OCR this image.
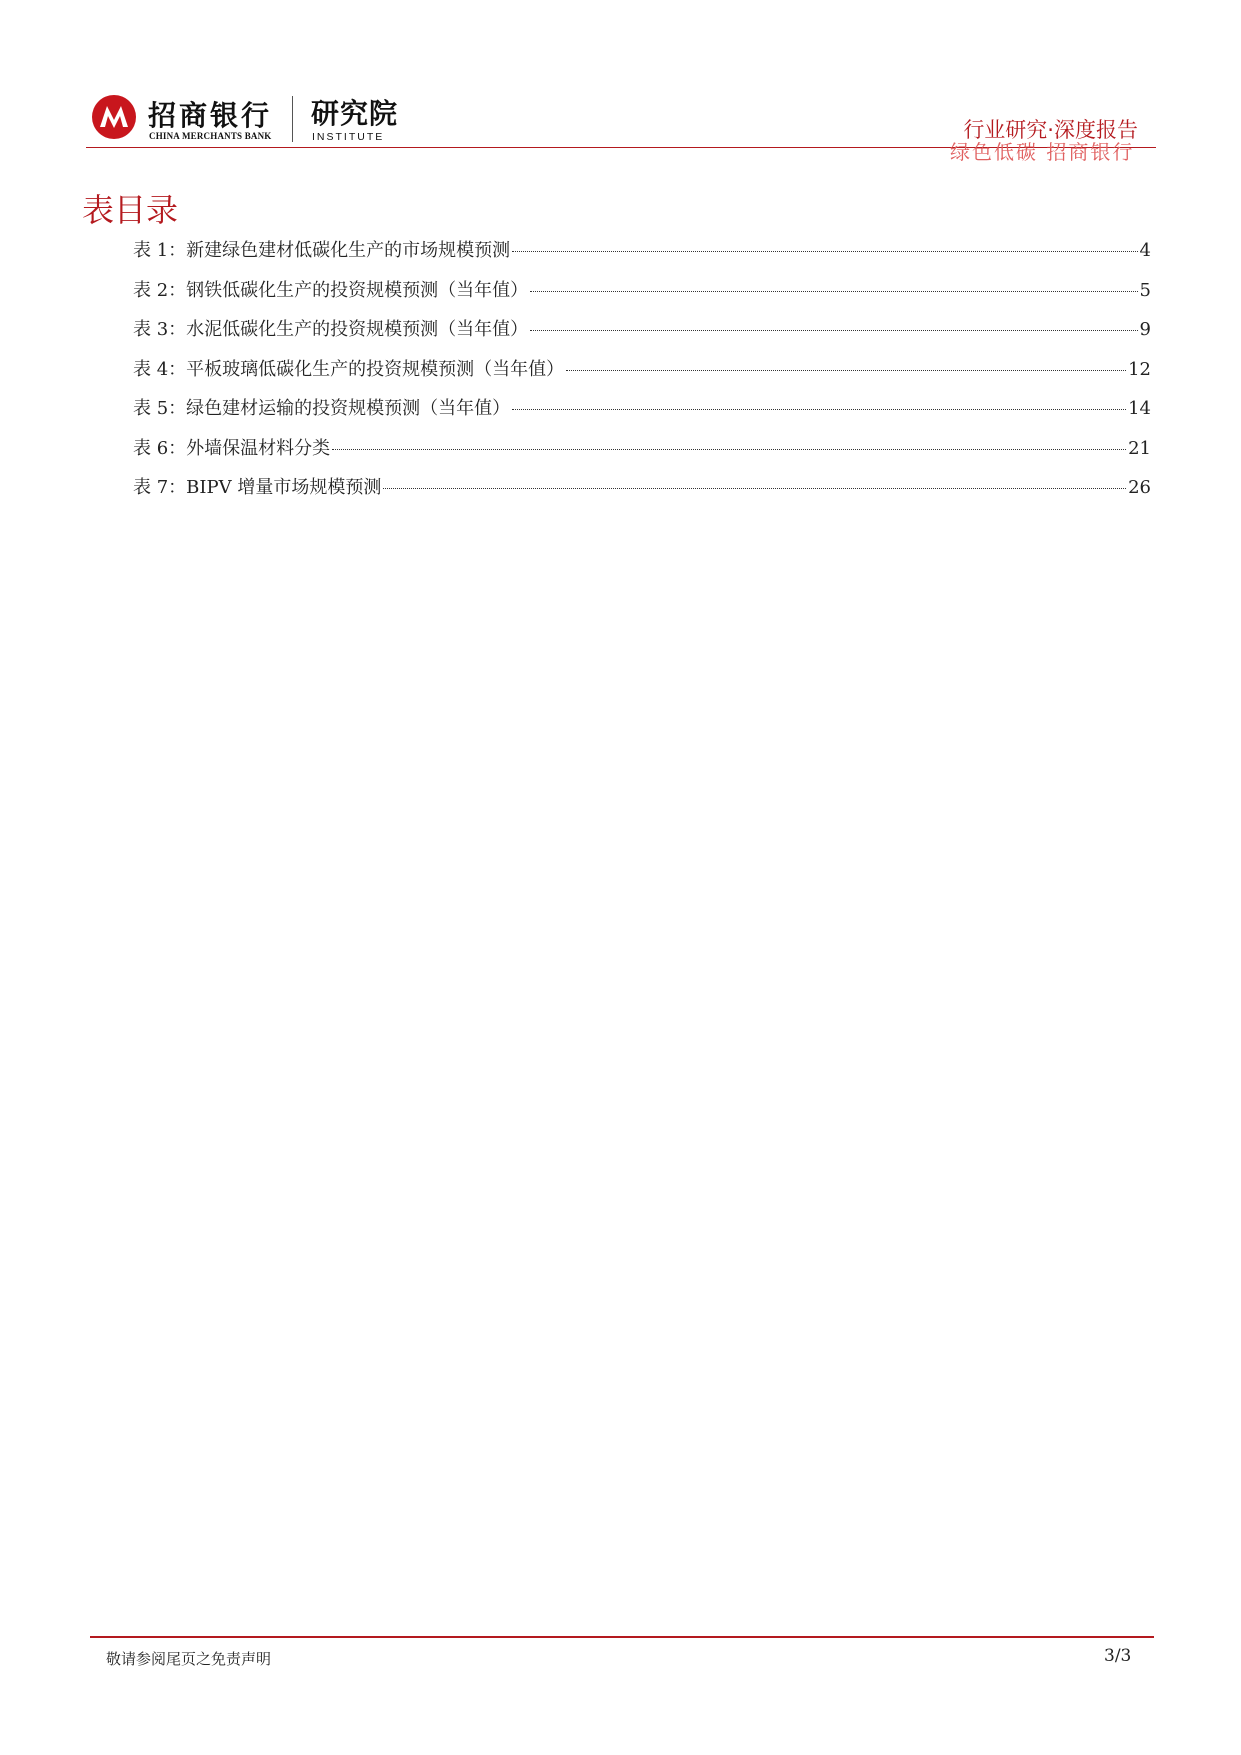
招商银行
CHINA MERCHANTS BANK
研究院
INSTITUTE	行业研究·深度报告
绿色低碳 招商银行
表目录
表 1：新建绿色建材低碳化生产的市场规模预测	4
表 2：钢铁低碳化生产的投资规模预测（当年值）	5
表 3：水泥低碳化生产的投资规模预测（当年值）	9
表 4：平板玻璃低碳化生产的投资规模预测（当年值）	12
表 5：绿色建材运输的投资规模预测（当年值）	14
表 6：外墙保温材料分类	21
表 7：BIPV 增量市场规模预测	26
敬请参阅尾页之免责声明	3/3
